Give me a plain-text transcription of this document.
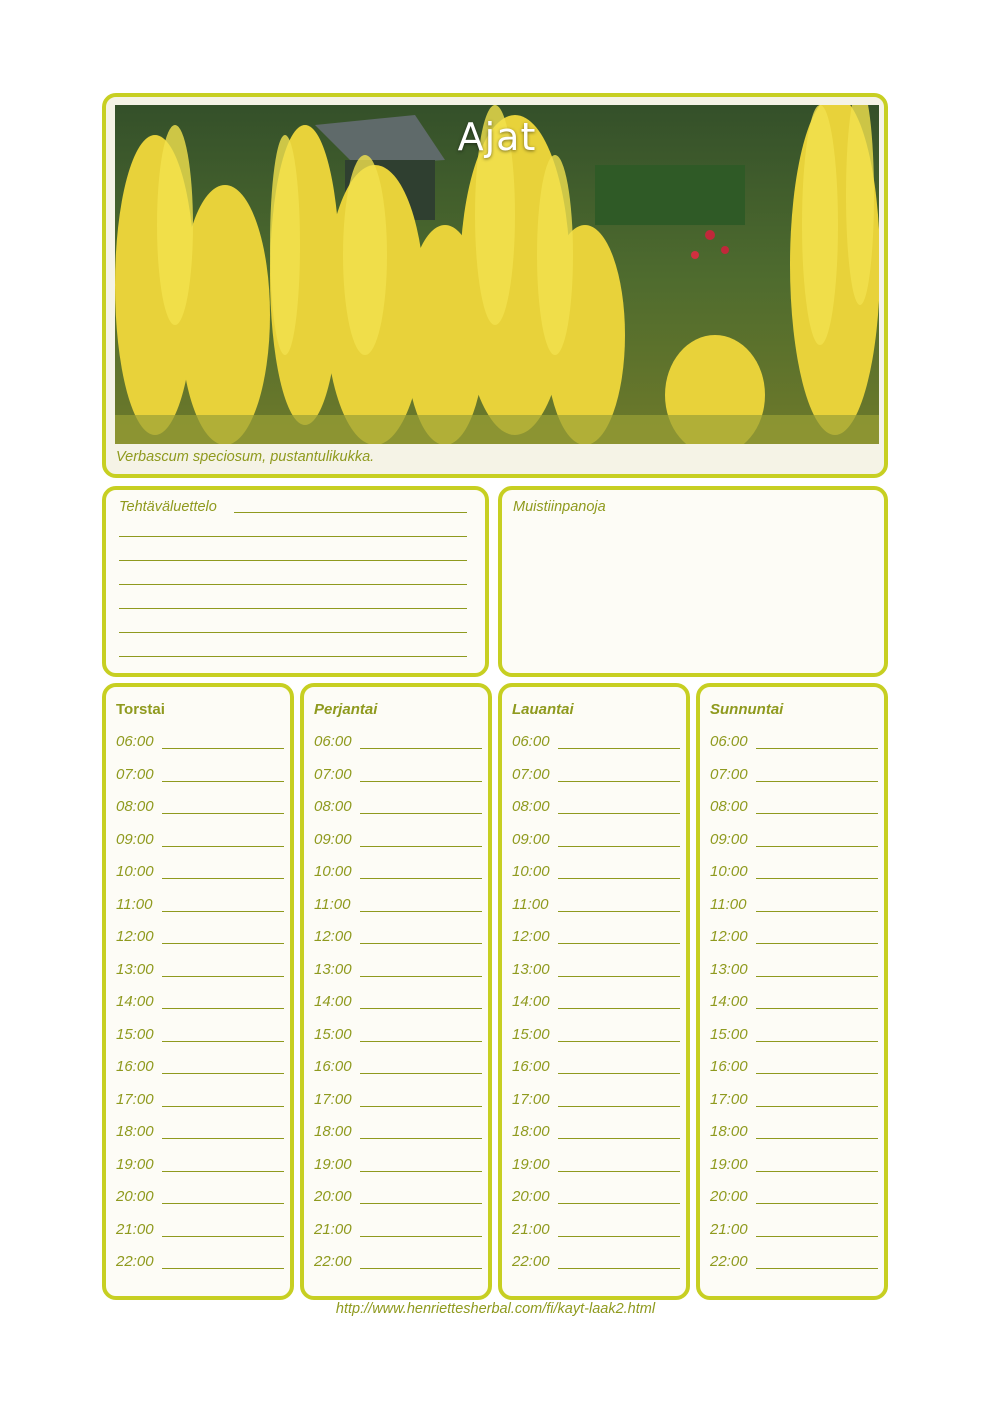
Ajat
Verbascum speciosum, pustantulikukka.
Tehtäväluettelo	Muistiinpanoja
Torstai
06:00
07:00
08:00
09:00
10:00
11:00
12:00
13:00
14:00
15:00
16:00
17:00
18:00
19:00
20:00
21:00
22:00
Perjantai
06:00
07:00
08:00
09:00
10:00
11:00
12:00
13:00
14:00
15:00
16:00
17:00
18:00
19:00
20:00
21:00
22:00
Lauantai
06:00
07:00
08:00
09:00
10:00
11:00
12:00
13:00
14:00
15:00
16:00
17:00
18:00
19:00
20:00
21:00
22:00
Sunnuntai
06:00
07:00
08:00
09:00
10:00
11:00
12:00
13:00
14:00
15:00
16:00
17:00
18:00
19:00
20:00
21:00
22:00
http://www.henriettesherbal.com/fi/kayt-laak2.html
